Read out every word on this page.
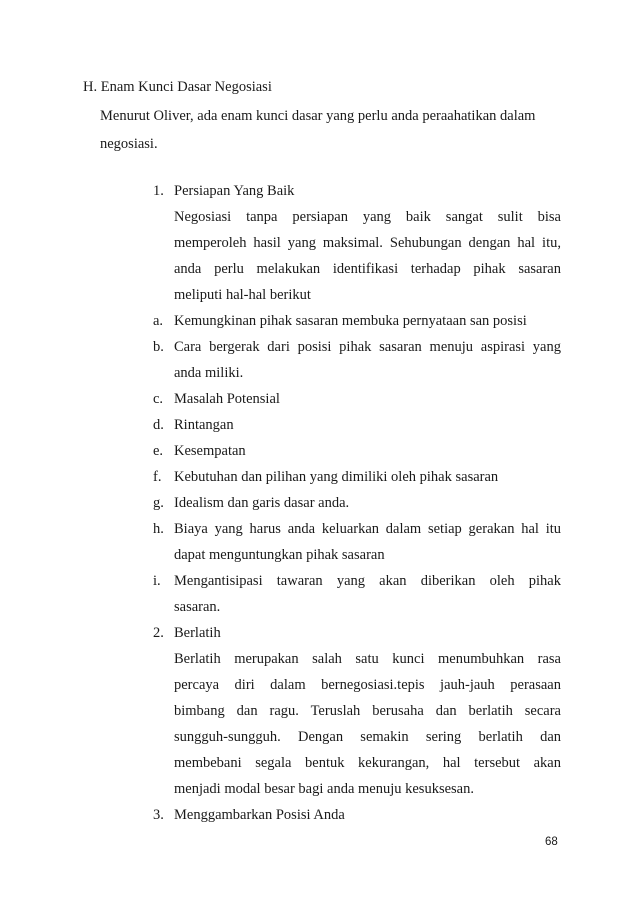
H. Enam Kunci Dasar Negosiasi
Menurut Oliver, ada enam kunci dasar yang perlu anda peraahatikan dalam
negosiasi.
1. Persiapan Yang Baik
Negosiasi tanpa persiapan yang baik sangat sulit bisa
memperoleh hasil yang maksimal. Sehubungan dengan hal itu,
anda perlu melakukan identifikasi terhadap pihak sasaran
meliputi hal-hal berikut
a. Kemungkinan pihak sasaran membuka pernyataan san posisi
b. Cara bergerak dari posisi pihak sasaran menuju aspirasi yang
anda miliki.
c. Masalah Potensial
d. Rintangan
e. Kesempatan
f. Kebutuhan dan pilihan yang dimiliki oleh pihak sasaran
g. Idealism dan garis dasar anda.
h. Biaya yang harus anda keluarkan dalam setiap gerakan hal itu
dapat menguntungkan pihak sasaran
i. Mengantisipasi tawaran yang akan diberikan oleh pihak
sasaran.
2. Berlatih
Berlatih merupakan salah satu kunci menumbuhkan rasa
percaya diri dalam bernegosiasi.tepis jauh-jauh perasaan
bimbang dan ragu. Teruslah berusaha dan berlatih secara
sungguh-sungguh. Dengan semakin sering berlatih dan
membebani segala bentuk kekurangan, hal tersebut akan
menjadi modal besar bagi anda menuju kesuksesan.
3. Menggambarkan Posisi Anda
68
